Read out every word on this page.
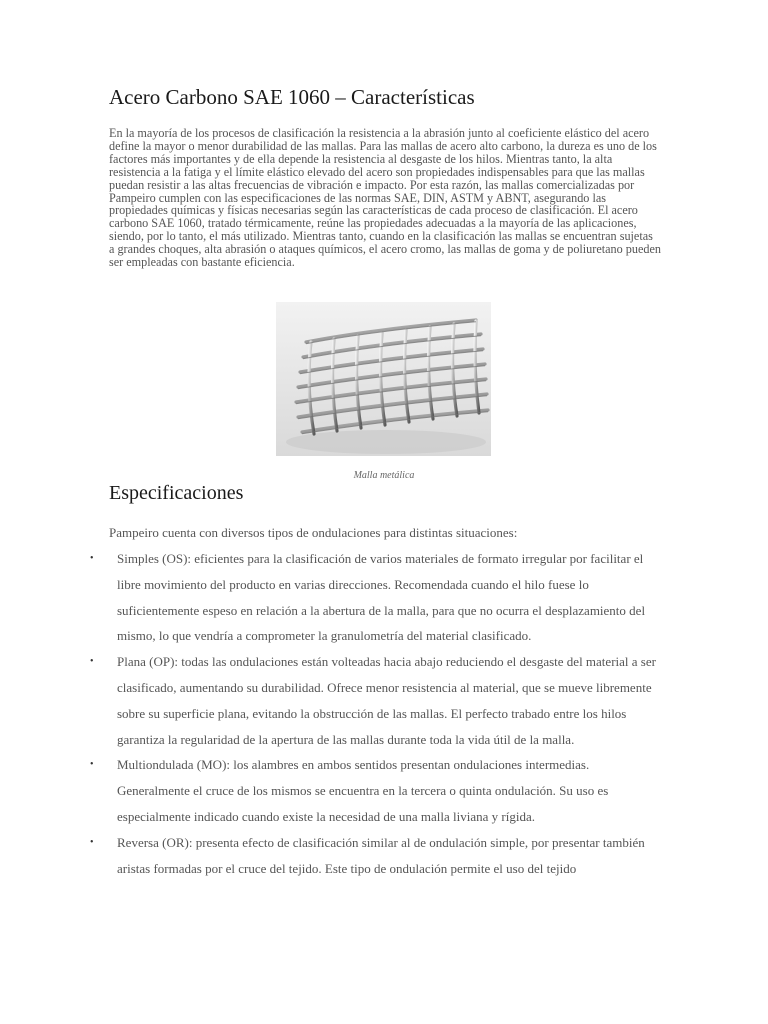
Acero Carbono SAE 1060 – Características

En la mayoría de los procesos de clasificación la resistencia a la abrasión junto al coeficiente elástico del acero define la mayor o menor durabilidad de las mallas. Para las mallas de acero alto carbono, la dureza es uno de los factores más importantes y de ella depende la resistencia al desgaste de los hilos. Mientras tanto, la alta resistencia a la fatiga y el límite elástico elevado del acero son propiedades indispensables para que las mallas puedan resistir a las altas frecuencias de vibración e impacto. Por esta razón, las mallas comercializadas por Pampeiro cumplen con las especificaciones de las normas SAE, DIN, ASTM y ABNT, asegurando las propiedades químicas y físicas necesarias según las características de cada proceso de clasificación. El acero carbono SAE 1060, tratado térmicamente, reúne las propiedades adecuadas a la mayoría de las aplicaciones, siendo, por lo tanto, el más utilizado. Mientras tanto, cuando en la clasificación las mallas se encuentran sujetas a grandes choques, alta abrasión o ataques químicos, el acero cromo, las mallas de goma y de poliuretano pueden ser empleadas con bastante eficiencia.

Malla metálica

Especificaciones

Pampeiro cuenta con diversos tipos de ondulaciones para distintas situaciones:

• Simples (OS): eficientes para la clasificación de varios materiales de formato irregular por facilitar el libre movimiento del producto en varias direcciones. Recomendada cuando el hilo fuese lo suficientemente espeso en relación a la abertura de la malla, para que no ocurra el desplazamiento del mismo, lo que vendría a comprometer la granulometría del material clasificado.
• Plana (OP): todas las ondulaciones están volteadas hacia abajo reduciendo el desgaste del material a ser clasificado, aumentando su durabilidad. Ofrece menor resistencia al material, que se mueve libremente sobre su superficie plana, evitando la obstrucción de las mallas. El perfecto trabado entre los hilos garantiza la regularidad de la apertura de las mallas durante toda la vida útil de la malla.
• Multiondulada (MO): los alambres en ambos sentidos presentan ondulaciones intermedias. Generalmente el cruce de los mismos se encuentra en la tercera o quinta ondulación. Su uso es especialmente indicado cuando existe la necesidad de una malla liviana y rígida.
• Reversa (OR): presenta efecto de clasificación similar al de ondulación simple, por presentar también aristas formadas por el cruce del tejido. Este tipo de ondulación permite el uso del tejido
